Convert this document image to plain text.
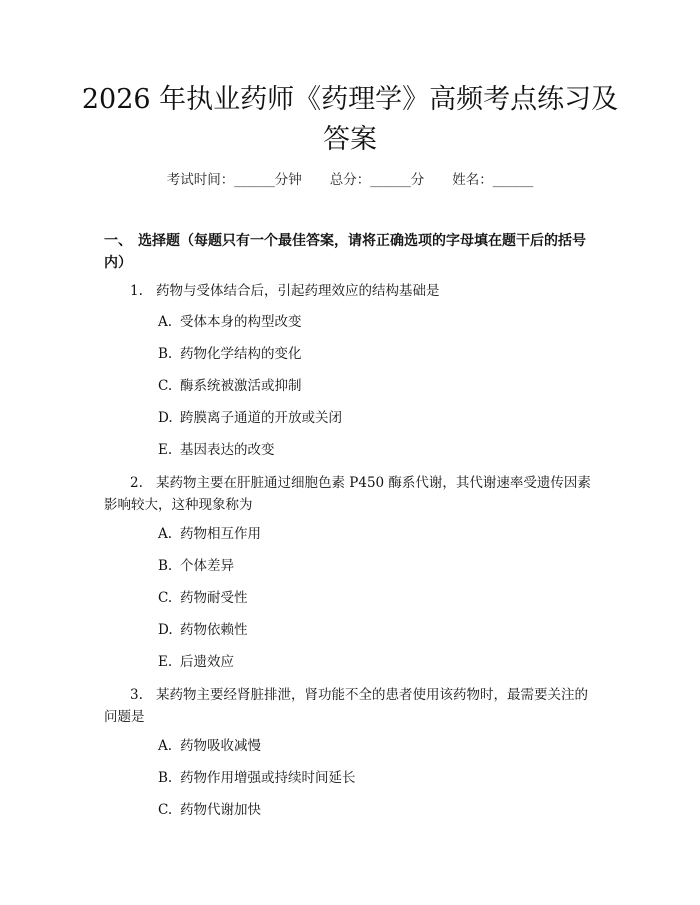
2026 年执业药师《药理学》高频考点练习及
答案
考试时间：______分钟 总分：______分 姓名：______
一、 选择题（每题只有一个最佳答案，请将正确选项的字母填在题干后的括号内）
1. 药物与受体结合后，引起药理效应的结构基础是
A. 受体本身的构型改变
B. 药物化学结构的变化
C. 酶系统被激活或抑制
D. 跨膜离子通道的开放或关闭
E. 基因表达的改变
2. 某药物主要在肝脏通过细胞色素 P450 酶系代谢，其代谢速率受遗传因素影响较大，这种现象称为
A. 药物相互作用
B. 个体差异
C. 药物耐受性
D. 药物依赖性
E. 后遗效应
3. 某药物主要经肾脏排泄，肾功能不全的患者使用该药物时，最需要关注的问题是
A. 药物吸收减慢
B. 药物作用增强或持续时间延长
C. 药物代谢加快
